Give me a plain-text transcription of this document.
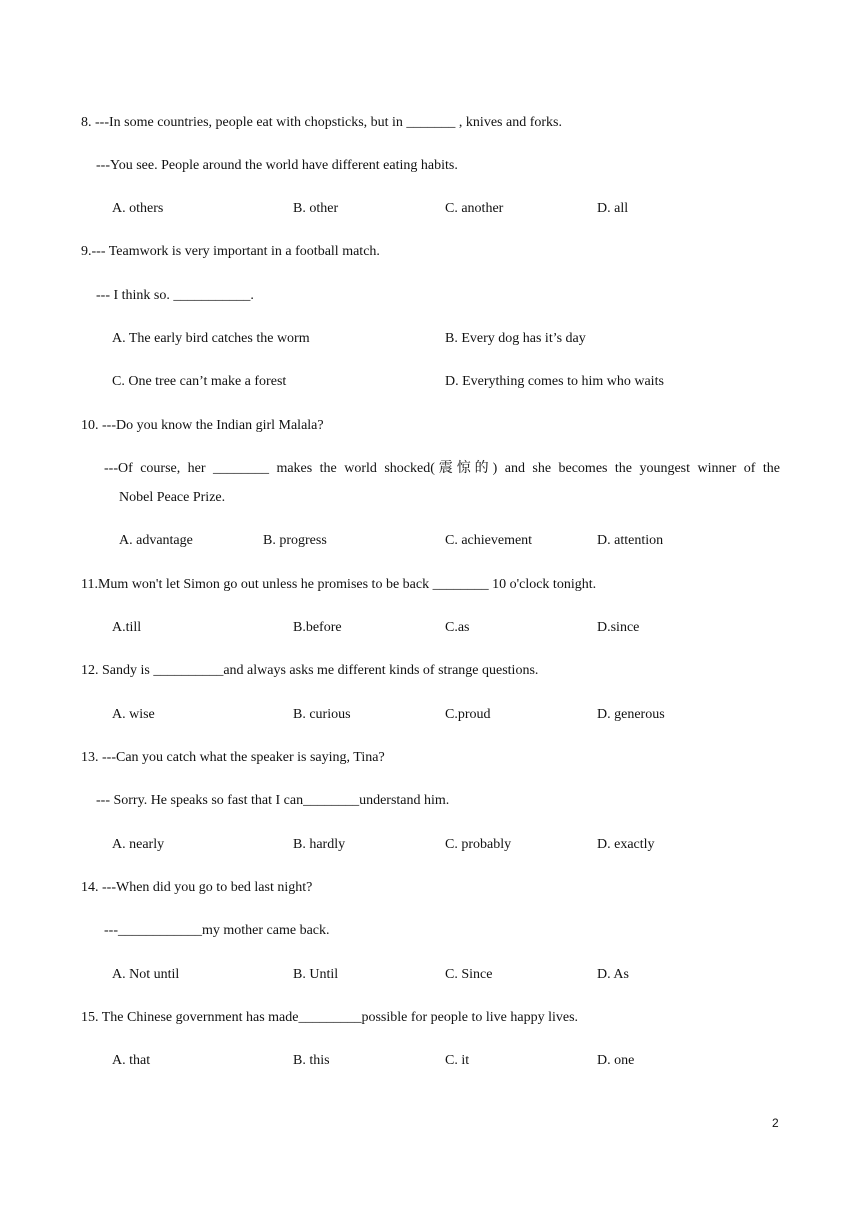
8. ---In some countries, people eat with chopsticks, but in _______ , knives and forks.
---You see. People around the world have different eating habits.
A. others	B. other	C. another	D. all
9.--- Teamwork is very important in a football match.
--- I think so. ___________.
A. The early bird catches the worm	B. Every dog has it’s day
C. One tree can’t make a forest	D. Everything comes to him who waits
10. ---Do you know the Indian girl Malala?
---Of course, her ________ makes the world shocked(震惊的) and she becomes the youngest winner of the
Nobel Peace Prize.
A. advantage	B. progress	C. achievement	D. attention
11.Mum won't let Simon go out unless he promises to be back ________ 10 o'clock tonight.
A.till	B.before	C.as	D.since
12. Sandy is __________and always asks me different kinds of strange questions.
A. wise	B. curious	C.proud	D. generous
13. ---Can you catch what the speaker is saying, Tina?
--- Sorry. He speaks so fast that I can________understand him.
A. nearly	B. hardly	C. probably	D. exactly
14. ---When did you go to bed last night?
---____________my mother came back.
A. Not until	B. Until	C. Since	D. As
15. The Chinese government has made_________possible for people to live happy lives.
A. that	B. this	C. it	D. one
2
